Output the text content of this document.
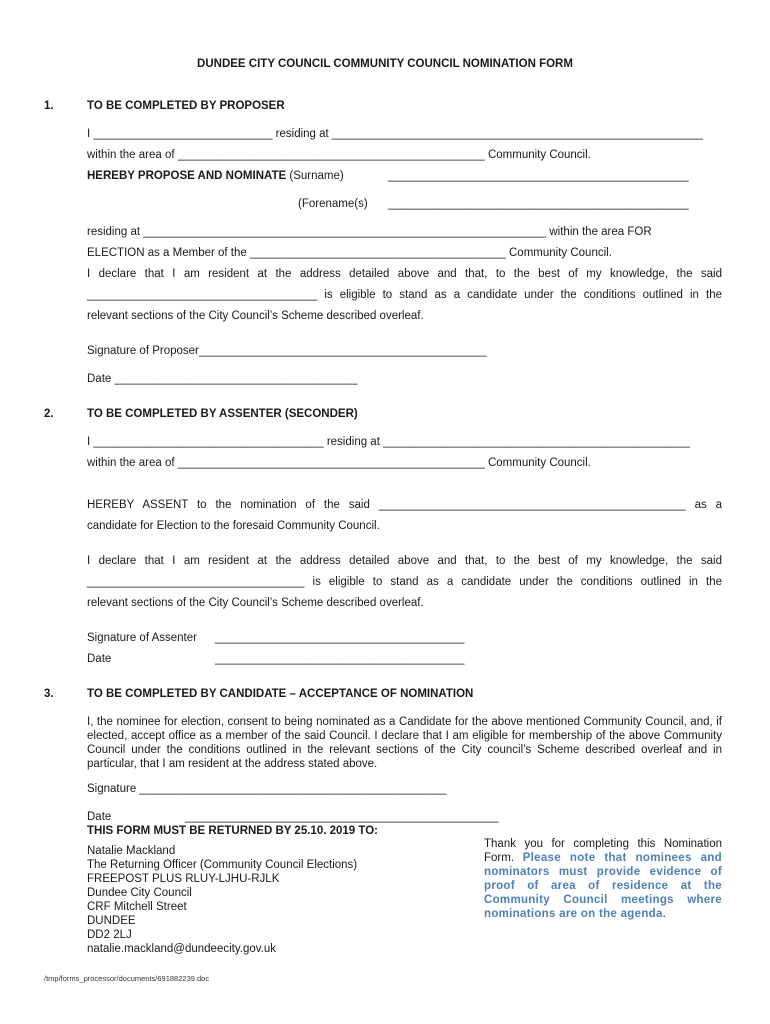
DUNDEE CITY COUNCIL COMMUNITY COUNCIL NOMINATION FORM
1.	TO BE COMPLETED BY PROPOSER
I ____________________________ residing at __________________________________________________________
within the area of ________________________________________________ Community Council.
HEREBY PROPOSE AND NOMINATE (Surname)	_______________________________________________
(Forename(s) _______________________________________________
residing at _______________________________________________________________ within the area FOR
ELECTION as a Member of the ________________________________________ Community Council.
I declare that I am resident at the address detailed above and that, to the best of my knowledge, the said
____________________________________ is eligible to stand as a candidate under the conditions outlined in the
relevant sections of the City Council’s Scheme described overleaf.
Signature of Proposer_____________________________________________
Date ______________________________________
2.	TO BE COMPLETED BY ASSENTER (SECONDER)
I ____________________________________ residing at ________________________________________________
within the area of ________________________________________________ Community Council.
HEREBY ASSENT to the nomination of the said ________________________________________________ as a
candidate for Election to the foresaid Community Council.
I declare that I am resident at the address detailed above and that, to the best of my knowledge, the said
__________________________________ is eligible to stand as a candidate under the conditions outlined in the
relevant sections of the City Council’s Scheme described overleaf.
Signature of Assenter _______________________________________
Date	_______________________________________
3.	TO BE COMPLETED BY CANDIDATE – ACCEPTANCE OF NOMINATION
I, the nominee for election, consent to being nominated as a Candidate for the above mentioned Community Council, and, if elected, accept office as a member of the said Council. I declare that I am eligible for membership of the above Community Council under the conditions outlined in the relevant sections of the City council’s Scheme described overleaf and in particular, that I am resident at the address stated above.
Signature ________________________________________________
Date	_________________________________________________
THIS FORM MUST BE RETURNED BY 25.10. 2019 TO:
Natalie Mackland
The Returning Officer (Community Council Elections)
FREEPOST PLUS RLUY-LJHU-RJLK
Dundee City Council
CRF Mitchell Street
DUNDEE
DD2 2LJ
natalie.mackland@dundeecity.gov.uk
Thank you for completing this Nomination Form. Please note that nominees and nominators must provide evidence of proof of area of residence at the Community Council meetings where nominations are on the agenda.
/tmp/forms_processor/documents/691882239.doc
